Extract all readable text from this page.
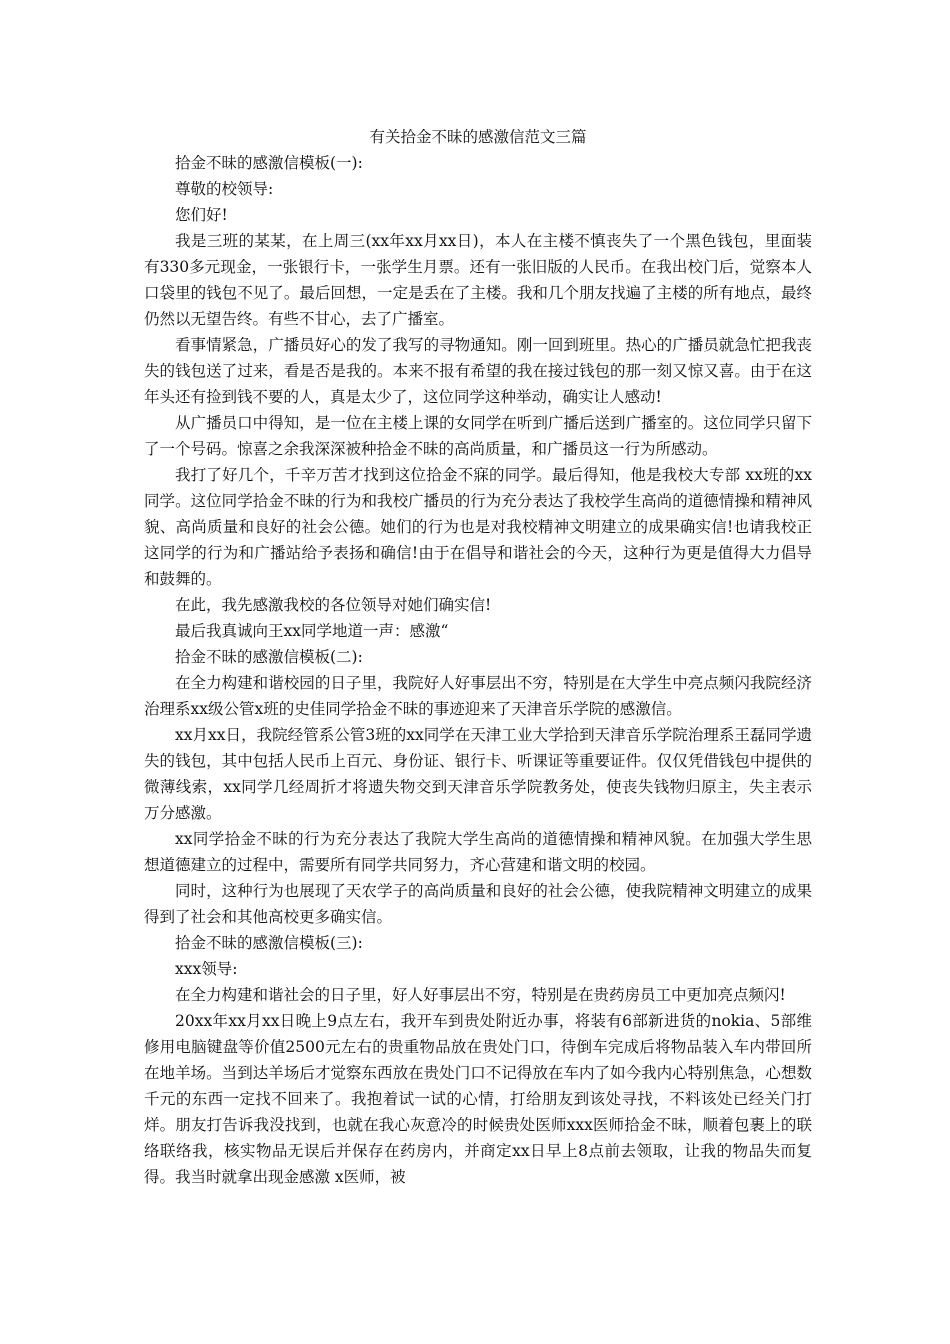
有关拾金不昧的感激信范文三篇

拾金不昧的感激信模板(一):

尊敬的校领导:

您们好!

我是三班的某某，在上周三(xx年xx月xx日)，本人在主楼不慎丧失了一个黑色钱包，里面装有330多元现金，一张银行卡，一张学生月票。还有一张旧版的人民币。在我出校门后，觉察本人口袋里的钱包不见了。最后回想，一定是丢在了主楼。我和几个朋友找遍了主楼的所有地点，最终仍然以无望告终。有些不甘心，去了广播室。

看事情紧急，广播员好心的发了我写的寻物通知。刚一回到班里。热心的广播员就急忙把我丧失的钱包送了过来，看是否是我的。本来不报有希望的我在接过钱包的那一刻又惊又喜。由于在这年头还有捡到钱不要的人，真是太少了，这位同学这种举动，确实让人感动!

从广播员口中得知，是一位在主楼上课的女同学在听到广播后送到广播室的。这位同学只留下了一个号码。惊喜之余我深深被种拾金不昧的高尚质量，和广播员这一行为所感动。

我打了好几个，千辛万苦才找到这位拾金不寐的同学。最后得知，他是我校大专部 xx班的xx同学。这位同学拾金不昧的行为和我校广播员的行为充分表达了我校学生高尚的道德情操和精神风貌、高尚质量和良好的社会公德。她们的行为也是对我校精神文明建立的成果确实信!也请我校正这同学的行为和广播站给予表扬和确信!由于在倡导和谐社会的今天，这种行为更是值得大力倡导和鼓舞的。

在此，我先感激我校的各位领导对她们确实信!

最后我真诚向王xx同学地道一声：感激“

拾金不昧的感激信模板(二):

在全力构建和谐校园的日子里，我院好人好事层出不穷，特别是在大学生中亮点频闪我院经济治理系xx级公管x班的史佳同学拾金不昧的事迹迎来了天津音乐学院的感激信。

xx月xx日，我院经管系公管3班的xx同学在天津工业大学拾到天津音乐学院治理系王磊同学遗失的钱包，其中包括人民币上百元、身份证、银行卡、听课证等重要证件。仅仅凭借钱包中提供的微薄线索，xx同学几经周折才将遗失物交到天津音乐学院教务处，使丧失钱物归原主，失主表示万分感激。

xx同学拾金不昧的行为充分表达了我院大学生高尚的道德情操和精神风貌。在加强大学生思想道德建立的过程中，需要所有同学共同努力，齐心营建和谐文明的校园。

同时，这种行为也展现了天农学子的高尚质量和良好的社会公德，使我院精神文明建立的成果得到了社会和其他高校更多确实信。

拾金不昧的感激信模板(三):

xxx领导:

在全力构建和谐社会的日子里，好人好事层出不穷，特别是在贵药房员工中更加亮点频闪!

20xx年xx月xx日晚上9点左右，我开车到贵处附近办事，将装有6部新进货的nokia、5部维修用电脑键盘等价值2500元左右的贵重物品放在贵处门口，待倒车完成后将物品装入车内带回所在地羊场。当到达羊场后才觉察东西放在贵处门口不记得放在车内了如今我内心特别焦急，心想数千元的东西一定找不回来了。我抱着试一试的心情，打给朋友到该处寻找，不料该处已经关门打烊。朋友打告诉我没找到，也就在我心灰意冷的时候贵处医师xxx医师拾金不昧，顺着包裹上的联络联络我，核实物品无误后并保存在药房内，并商定xx日早上8点前去领取，让我的物品失而复得。我当时就拿出现金感激 x医师，被
